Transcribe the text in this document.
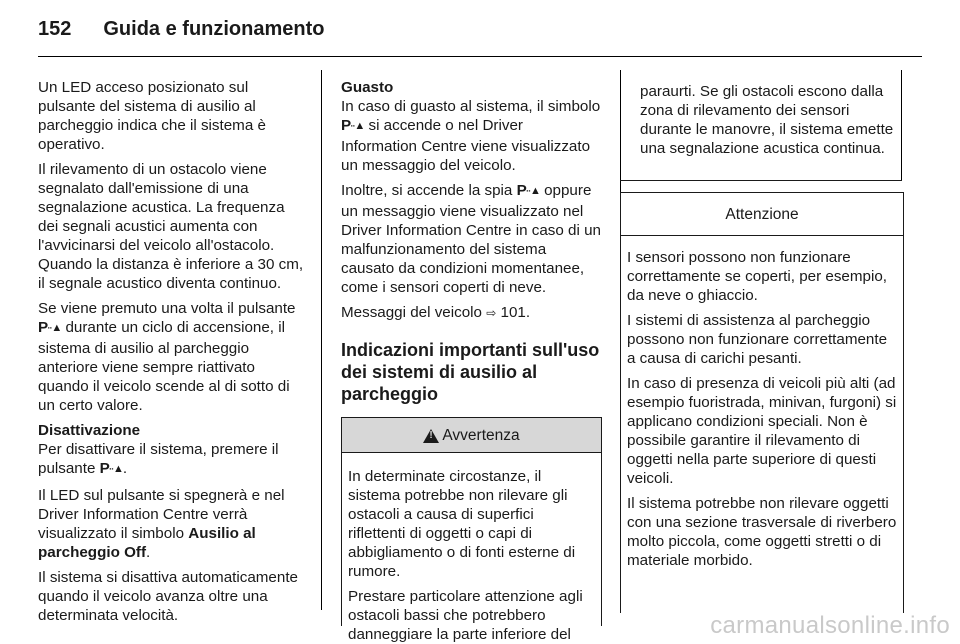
152 Guida e funzionamento

Un LED acceso posizionato sul pulsante del sistema di ausilio al parcheggio indica che il sistema è operativo.

Il rilevamento di un ostacolo viene segnalato dall'emissione di una segnalazione acustica. La frequenza dei segnali acustici aumenta con l'avvicinarsi del veicolo all'ostacolo. Quando la distanza è inferiore a 30 cm, il segnale acustico diventa continuo.

Se viene premuto una volta il pulsante Pᐧᐧ▲ durante un ciclo di accensione, il sistema di ausilio al parcheggio anteriore viene sempre riattivato quando il veicolo scende al di sotto di un certo valore.

Disattivazione

Per disattivare il sistema, premere il pulsante Pᐧᐧ▲.

Il LED sul pulsante si spegnerà e nel Driver Information Centre verrà visualizzato il simbolo Ausilio al parcheggio Off.

Il sistema si disattiva automaticamente quando il veicolo avanza oltre una determinata velocità.

Guasto

In caso di guasto al sistema, il simbolo Pᐧᐧ▲ si accende o nel Driver Information Centre viene visualizzato un messaggio del veicolo.

Inoltre, si accende la spia Pᐧᐧ▲ oppure un messaggio viene visualizzato nel Driver Information Centre in caso di un malfunzionamento del sistema causato da condizioni momentanee, come i sensori coperti di neve.

Messaggi del veicolo ⇨ 101.

Indicazioni importanti sull'uso dei sistemi di ausilio al parcheggio
!
Avvertenza

In determinate circostanze, il sistema potrebbe non rilevare gli ostacoli a causa di superfici riflettenti di oggetti o capi di abbigliamento o di fonti esterne di rumore.

Prestare particolare attenzione agli ostacoli bassi che potrebbero danneggiare la parte inferiore del

paraurti. Se gli ostacoli escono dalla zona di rilevamento dei sensori durante le manovre, il sistema emette una segnalazione acustica continua.

Attenzione

I sensori possono non funzionare correttamente se coperti, per esempio, da neve o ghiaccio.

I sistemi di assistenza al parcheggio possono non funzionare correttamente a causa di carichi pesanti.

In caso di presenza di veicoli più alti (ad esempio fuoristrada, minivan, furgoni) si applicano condizioni speciali. Non è possibile garantire il rilevamento di oggetti nella parte superiore di questi veicoli.

Il sistema potrebbe non rilevare oggetti con una sezione trasversale di riverbero molto piccola, come oggetti stretti o di materiale morbido.

carmanualsonline.info
